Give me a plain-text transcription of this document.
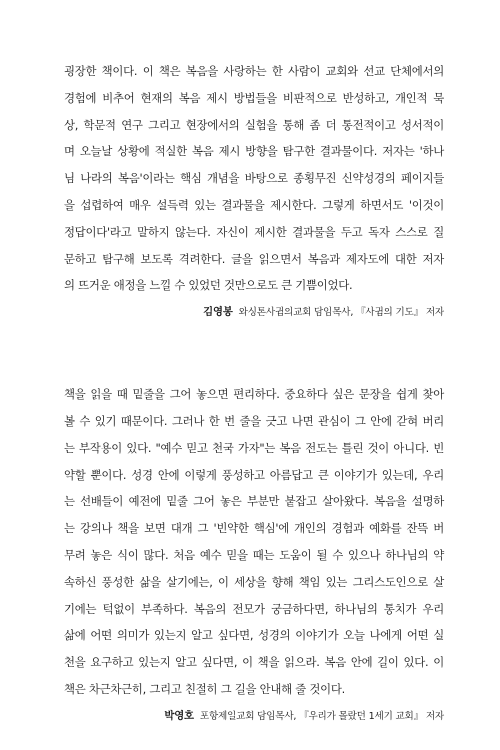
굉장한 책이다. 이 책은 복음을 사랑하는 한 사람이 교회와 선교 단체에서의
경험에 비추어 현재의 복음 제시 방법들을 비판적으로 반성하고, 개인적 묵
상, 학문적 연구 그리고 현장에서의 실험을 통해 좀 더 통전적이고 성서적이
며 오늘날 상황에 적실한 복음 제시 방향을 탐구한 결과물이다. 저자는 '하나
님 나라의 복음'이라는 핵심 개념을 바탕으로 종횡무진 신약성경의 페이지들
을 섭렵하여 매우 설득력 있는 결과물을 제시한다. 그렇게 하면서도 '이것이
정답이다'라고 말하지 않는다. 자신이 제시한 결과물을 두고 독자 스스로 질
문하고 탐구해 보도록 격려한다. 글을 읽으면서 복음과 제자도에 대한 저자
의 뜨거운 애정을 느낄 수 있었던 것만으로도 큰 기쁨이었다.

김영봉 와싱톤사귐의교회 담임목사, 『사귐의 기도』 저자

책을 읽을 때 밑줄을 그어 놓으면 편리하다. 중요하다 싶은 문장을 쉽게 찾아
볼 수 있기 때문이다. 그러나 한 번 줄을 긋고 나면 관심이 그 안에 갇혀 버리
는 부작용이 있다. "예수 믿고 천국 가자"는 복음 전도는 틀린 것이 아니다. 빈
약할 뿐이다. 성경 안에 이렇게 풍성하고 아름답고 큰 이야기가 있는데, 우리
는 선배들이 예전에 밑줄 그어 놓은 부분만 붙잡고 살아왔다. 복음을 설명하
는 강의나 책을 보면 대개 그 '빈약한 핵심'에 개인의 경험과 예화를 잔뜩 버
무려 놓은 식이 많다. 처음 예수 믿을 때는 도움이 될 수 있으나 하나님의 약
속하신 풍성한 삶을 살기에는, 이 세상을 향해 책임 있는 그리스도인으로 살
기에는 턱없이 부족하다. 복음의 전모가 궁금하다면, 하나님의 통치가 우리
삶에 어떤 의미가 있는지 알고 싶다면, 성경의 이야기가 오늘 나에게 어떤 실
천을 요구하고 있는지 알고 싶다면, 이 책을 읽으라. 복음 안에 길이 있다. 이
책은 차근차근히, 그리고 친절히 그 길을 안내해 줄 것이다.

박영호 포항제일교회 담임목사, 『우리가 몰랐던 1세기 교회』 저자
